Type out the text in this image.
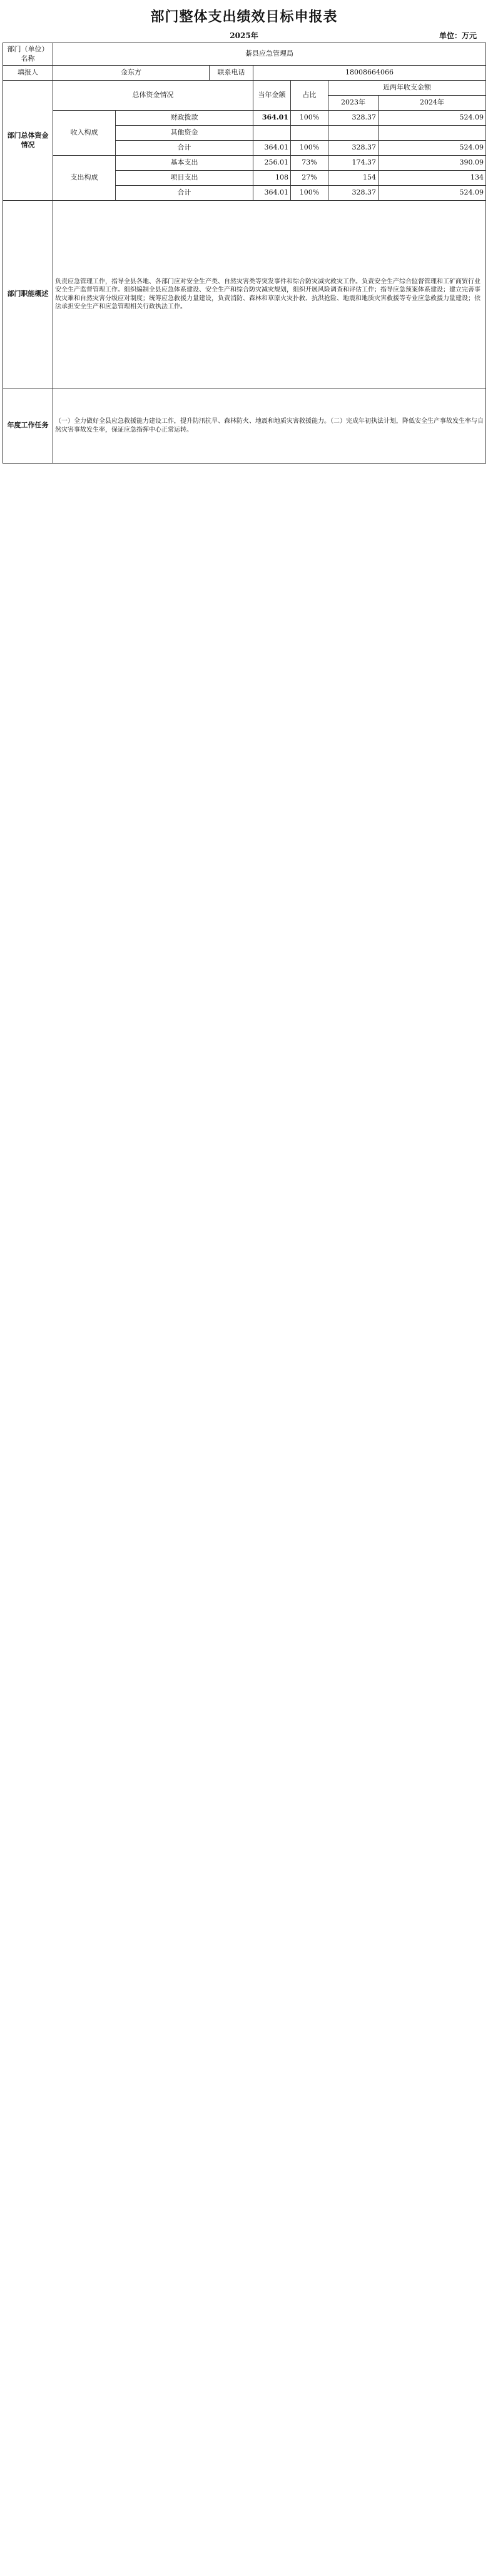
部门整体支出绩效目标申报表
2025年	单位：万元
部门（单位）名称	綦县应急管理局						
填报人	金东方		联系电话	18008664066			
部门总体资金情况	总体资金情况			当年金额	占比	近两年收支金额	
						2023年	2024年
	收入构成	财政拨款		364.01	100%	328.37	524.09
		其他资金					
		合计		364.01	100%	328.37	524.09
	支出构成	基本支出		256.01	73%	174.37	390.09
		项目支出		108	27%	154	134
		合计		364.01	100%	328.37	524.09
部门职能概述	负责应急管理工作，指导全县各地、各部门应对安全生产类、自然灾害类等突发事件和综合防灾减灾救灾工作。负责安全生产综合监督管理和工矿商贸行业安全生产监督管理工作。组织编制全县应急体系建设、安全生产和综合防灾减灾规划，组织开展风险调查和评估工作；指导应急预案体系建设；建立完善事故灾难和自然灾害分级应对制度；统筹应急救援力量建设，负责消防、森林和草原火灾扑救、抗洪抢险、地震和地质灾害救援等专业应急救援力量建设；依法承担安全生产和应急管理相关行政执法工作。						
年度工作任务	（一）全力做好全县应急救援能力建设工作，提升防汛抗旱、森林防火、地震和地质灾害救援能力。（二）完成年初执法计划，降低安全生产事故发生率与自然灾害事故发生率，保证应急指挥中心正常运转。						
